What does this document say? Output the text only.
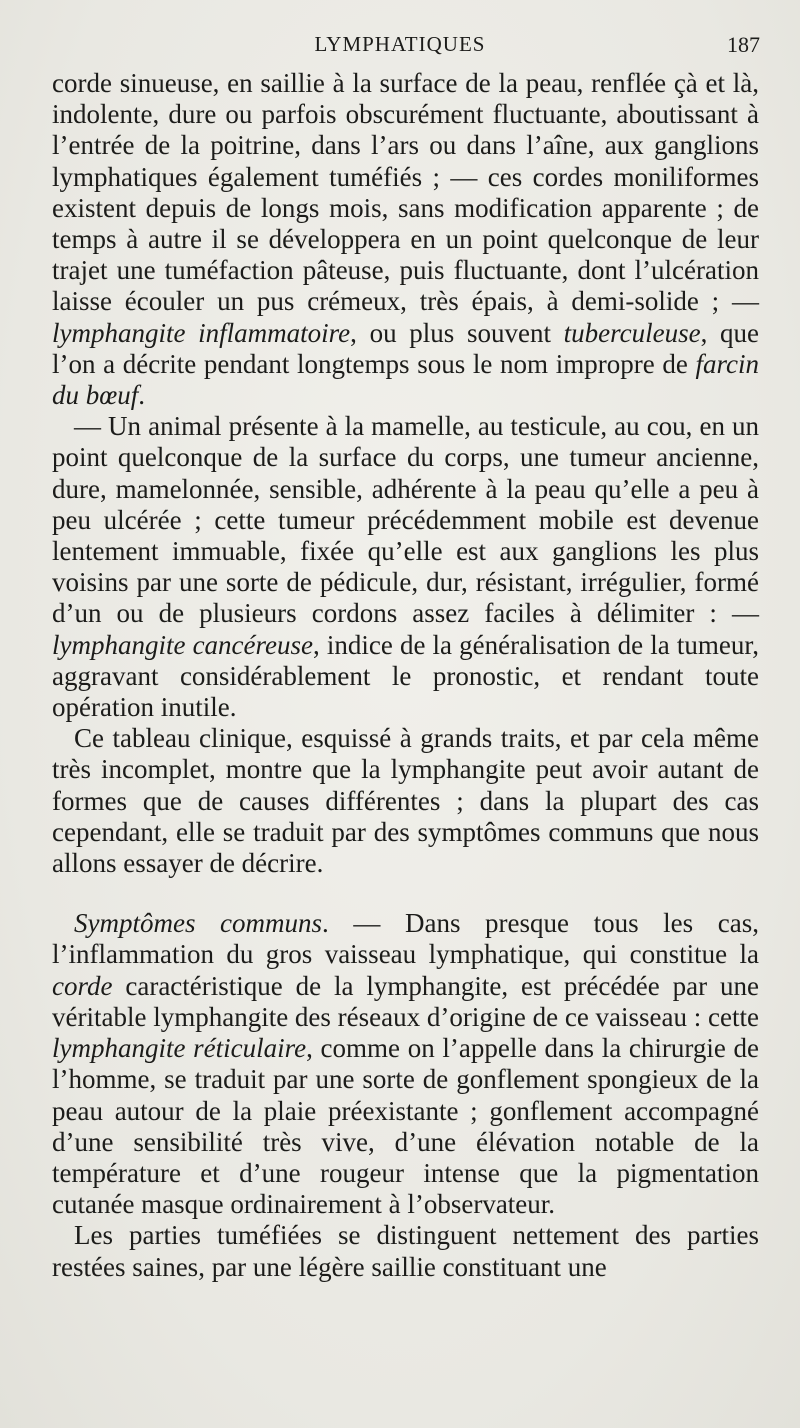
LYMPHATIQUES	187

corde sinueuse, en saillie à la surface de la peau, renflée çà et là, indolente, dure ou parfois obscurément fluctuante, aboutissant à l’entrée de la poitrine, dans l’ars ou dans l’aîne, aux ganglions lymphatiques également tuméfiés ; — ces cordes moniliformes existent depuis de longs mois, sans modification apparente ; de temps à autre il se développera en un point quelconque de leur trajet une tuméfaction pâteuse, puis fluctuante, dont l’ulcération laisse écouler un pus crémeux, très épais, à demi-solide ; — lymphangite inflammatoire, ou plus souvent tuberculeuse, que l’on a décrite pendant longtemps sous le nom impropre de farcin du bœuf.

— Un animal présente à la mamelle, au testicule, au cou, en un point quelconque de la surface du corps, une tumeur ancienne, dure, mamelonnée, sensible, adhérente à la peau qu’elle a peu à peu ulcérée ; cette tumeur précédemment mobile est devenue lentement immuable, fixée qu’elle est aux ganglions les plus voisins par une sorte de pédicule, dur, résistant, irrégulier, formé d’un ou de plusieurs cordons assez faciles à délimiter : — lymphangite cancéreuse, indice de la généralisation de la tumeur, aggravant considérablement le pronostic, et rendant toute opération inutile.

Ce tableau clinique, esquissé à grands traits, et par cela même très incomplet, montre que la lymphangite peut avoir autant de formes que de causes différentes ; dans la plupart des cas cependant, elle se traduit par des symptômes communs que nous allons essayer de décrire.

Symptômes communs. — Dans presque tous les cas, l’inflammation du gros vaisseau lymphatique, qui constitue la corde caractéristique de la lymphangite, est précédée par une véritable lymphangite des réseaux d’origine de ce vaisseau : cette lymphangite réticulaire, comme on l’appelle dans la chirurgie de l’homme, se traduit par une sorte de gonflement spongieux de la peau autour de la plaie préexistante ; gonflement accompagné d’une sensibilité très vive, d’une élévation notable de la température et d’une rougeur intense que la pigmentation cutanée masque ordinairement à l’observateur.

Les parties tuméfiées se distinguent nettement des parties restées saines, par une légère saillie constituant une
